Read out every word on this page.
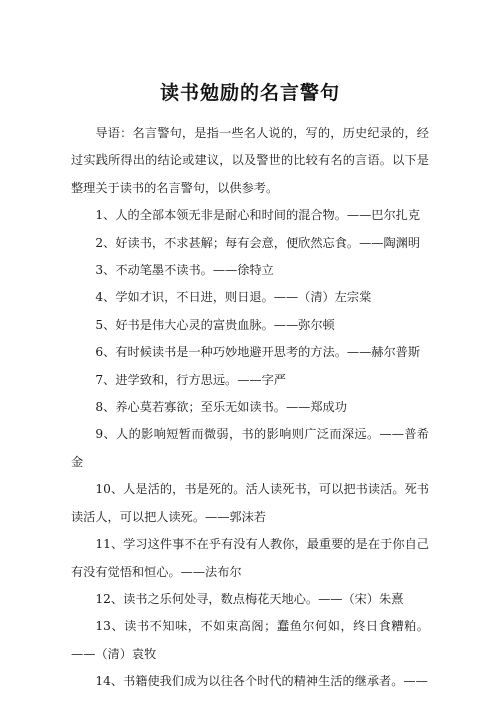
读书勉励的名言警句

导语：名言警句，是指一些名人说的，写的，历史纪录的，经过实践所得出的结论或建议，以及警世的比较有名的言语。以下是整理关于读书的名言警句，以供参考。

1、人的全部本领无非是耐心和时间的混合物。——巴尔扎克

2、好读书，不求甚解；每有会意，便欣然忘食。——陶渊明

3、不动笔墨不读书。——徐特立

4、学如才识，不日进，则日退。——（清）左宗棠

5、好书是伟大心灵的富贵血脉。——弥尔顿

6、有时候读书是一种巧妙地避开思考的方法。——赫尔普斯

7、进学致和，行方思远。——字严

8、养心莫若寡欲；至乐无如读书。——郑成功

9、人的影响短暂而微弱，书的影响则广泛而深远。——普希金

10、人是活的，书是死的。活人读死书，可以把书读活。死书读活人，可以把人读死。——郭沫若

11、学习这件事不在乎有没有人教你，最重要的是在于你自己有没有觉悟和恒心。——法布尔

12、读书之乐何处寻，数点梅花天地心。——（宋）朱熹

13、读书不知味，不如束高阁；蠢鱼尔何如，终日食糟粕。——（清）袁牧

14、书籍使我们成为以往各个时代的精神生活的继承者。——
